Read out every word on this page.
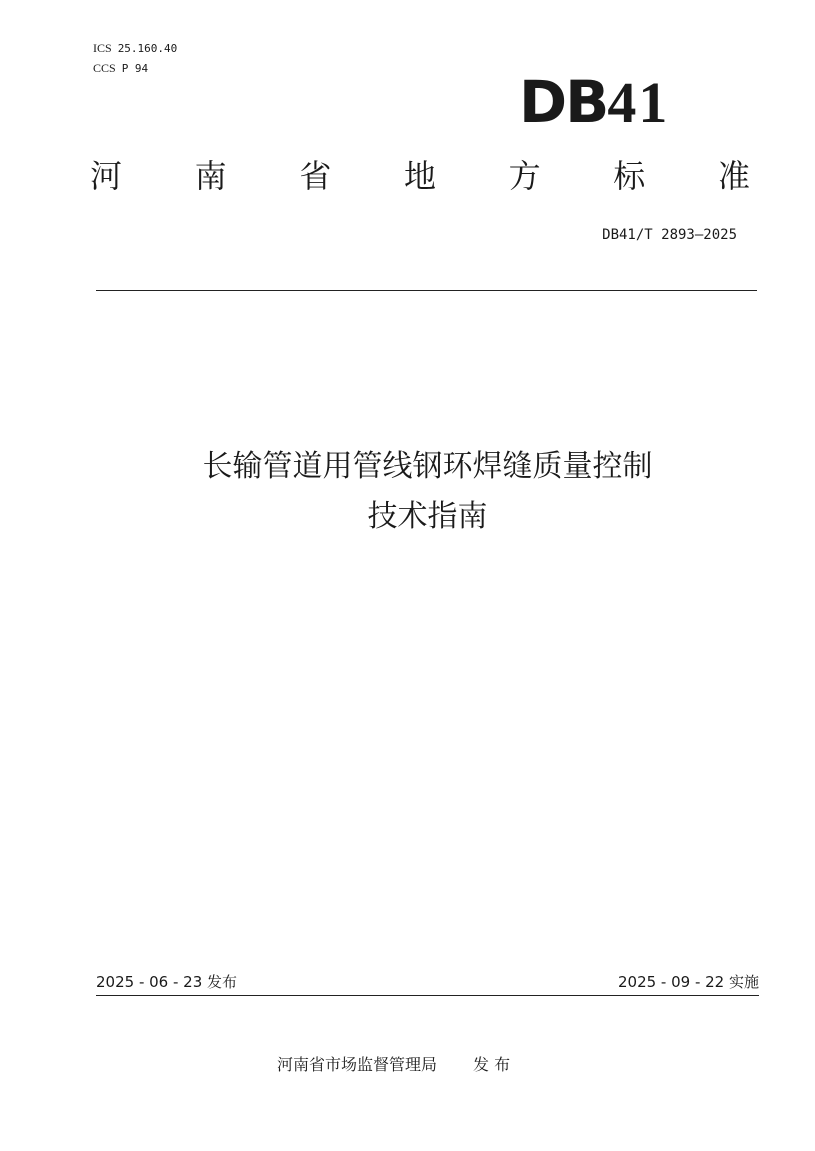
ICS 25.160.40
CCS P 94	DB41
河 南 省 地 方 标 准
DB41/T 2893—2025
长输管道用管线钢环焊缝质量控制
技术指南
2025 - 06 - 23 发布	2025 - 09 - 22 实施
河南省市场监督管理局 发 布
